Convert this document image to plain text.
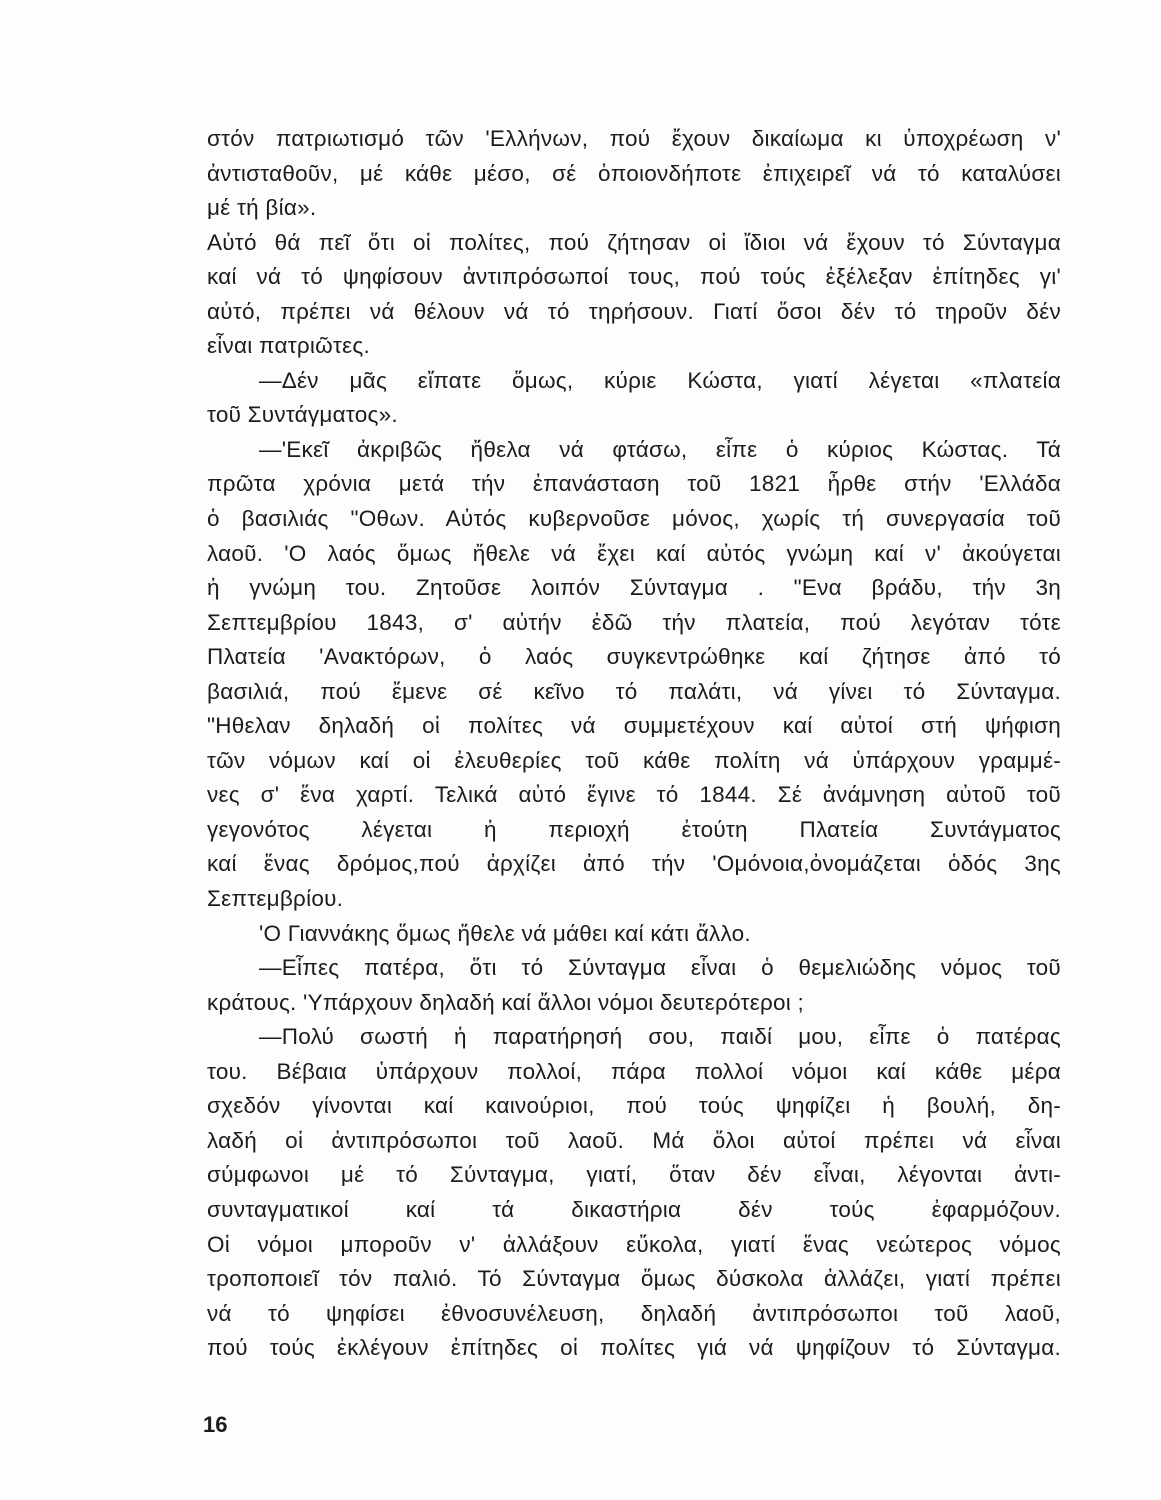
στόν πατριωτισμό τῶν 'Ελλήνων, πού ἔχουν δικαίωμα κι ὑποχρέωση ν'
ἀντισταθοῦν, μέ κάθε μέσο, σέ ὁποιονδήποτε ἐπιχειρεῖ νά τό καταλύσει
μέ τή βία».
Αὐτό θά πεῖ ὅτι οἱ πολίτες, πού ζήτησαν οἱ ἴδιοι νά ἔχουν τό Σύνταγμα
καί νά τό ψηφίσουν ἀντιπρόσωποί τους, πού τούς ἐξέλεξαν ἐπίτηδες γι'
αὐτό, πρέπει νά θέλουν νά τό τηρήσουν. Γιατί ὅσοι δέν τό τηροῦν δέν
εἶναι πατριῶτες.
—Δέν μᾶς εἴπατε ὅμως, κύριε Κώστα, γιατί λέγεται «πλατεία
τοῦ Συντάγματος».
—'Εκεῖ ἀκριβῶς ἤθελα νά φτάσω, εἶπε ὁ κύριος Κώστας. Τά
πρῶτα χρόνια μετά τήν ἐπανάσταση τοῦ 1821 ἦρθε στήν 'Ελλάδα
ὁ βασιλιάς "Οθων. Αὐτός κυβερνοῦσε μόνος, χωρίς τή συνεργασία τοῦ
λαοῦ. 'Ο λαός ὅμως ἤθελε νά ἔχει καί αὐτός γνώμη καί ν' ἀκούγεται
ἡ γνώμη του. Ζητοῦσε λοιπόν Σύνταγμα . "Ενα βράδυ, τήν 3η
Σεπτεμβρίου 1843, σ' αὐτήν ἐδῶ τήν πλατεία, πού λεγόταν τότε
Πλατεία 'Ανακτόρων, ὁ λαός συγκεντρώθηκε καί ζήτησε ἀπό τό
βασιλιά, πού ἔμενε σέ κεῖνο τό παλάτι, νά γίνει τό Σύνταγμα.
"Ηθελαν δηλαδή οἱ πολίτες νά συμμετέχουν καί αὐτοί στή ψήφιση
τῶν νόμων καί οἱ ἐλευθερίες τοῦ κάθε πολίτη νά ὑπάρχουν γραμμέ-
νες σ' ἕνα χαρτί. Τελικά αὐτό ἔγινε τό 1844. Σέ ἀνάμνηση αὐτοῦ τοῦ
γεγονότος λέγεται ἡ περιοχή ἐτούτη Πλατεία Συντάγματος
καί ἕνας δρόμος,πού ἀρχίζει ἀπό τήν 'Ομόνοια,ὀνομάζεται ὁδός 3ης
Σεπτεμβρίου.
'Ο Γιαννάκης ὅμως ἤθελε νά μάθει καί κάτι ἄλλο.
—Εἶπες πατέρα, ὅτι τό Σύνταγμα εἶναι ὁ θεμελιώδης νόμος τοῦ
κράτους. 'Υπάρχουν δηλαδή καί ἄλλοι νόμοι δευτερότεροι ;
—Πολύ σωστή ἡ παρατήρησή σου, παιδί μου, εἶπε ὁ πατέρας
του. Βέβαια ὑπάρχουν πολλοί, πάρα πολλοί νόμοι καί κάθε μέρα
σχεδόν γίνονται καί καινούριοι, πού τούς ψηφίζει ἡ βουλή, δη-
λαδή οἱ ἀντιπρόσωποι τοῦ λαοῦ. Μά ὅλοι αὐτοί πρέπει νά εἶναι
σύμφωνοι μέ τό Σύνταγμα, γιατί, ὅταν δέν εἶναι, λέγονται ἀντι-
συνταγματικοί καί τά δικαστήρια δέν τούς ἐφαρμόζουν.
Οἱ νόμοι μποροῦν ν' ἀλλάξουν εὔκολα, γιατί ἕνας νεώτερος νόμος
τροποποιεῖ τόν παλιό. Τό Σύνταγμα ὅμως δύσκολα ἀλλάζει, γιατί πρέπει
νά τό ψηφίσει ἐθνοσυνέλευση, δηλαδή ἀντιπρόσωποι τοῦ λαοῦ,
πού τούς ἐκλέγουν ἐπίτηδες οἱ πολίτες γιά νά ψηφίζουν τό Σύνταγμα.
16
